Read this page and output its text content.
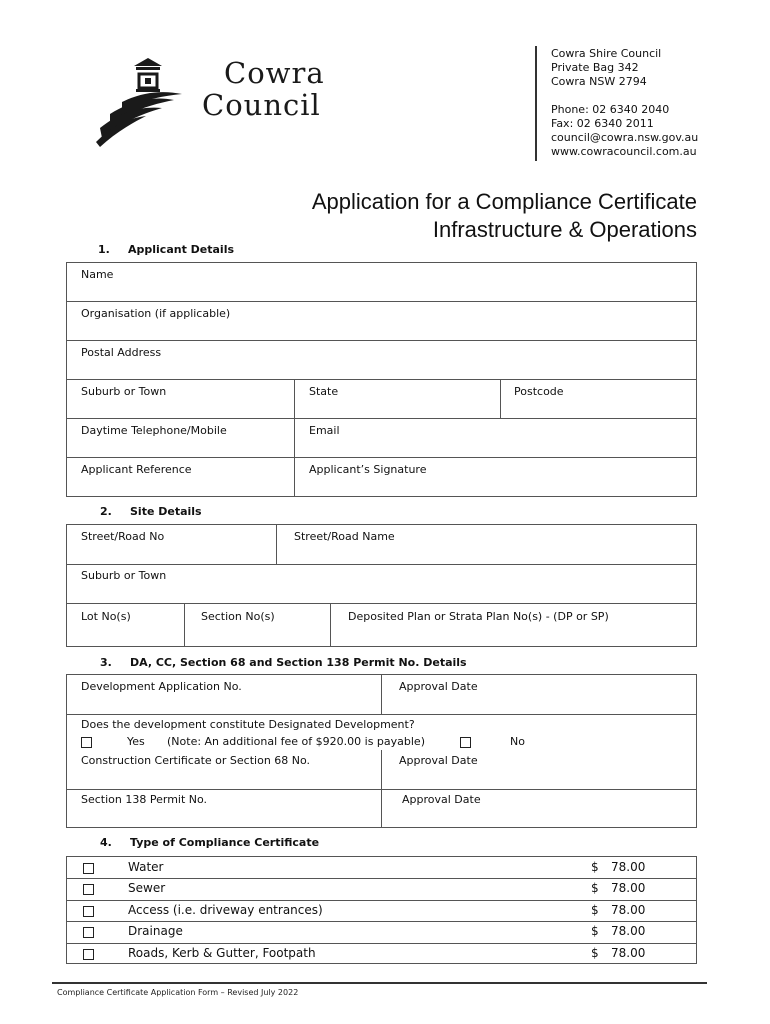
Cowra
Council
Cowra Shire Council
Private Bag 342
Cowra NSW 2794
Phone: 02 6340 2040
Fax: 02 6340 2011
council@cowra.nsw.gov.au
www.cowracouncil.com.au
Application for a Compliance Certificate
Infrastructure & Operations
1. Applicant Details
Name
Organisation (if applicable)
Postal Address
Suburb or Town	State	Postcode
Daytime Telephone/Mobile	Email
Applicant Reference	Applicant’s Signature
2. Site Details
Street/Road No	Street/Road Name
Suburb or Town
Lot No(s)	Section No(s)	Deposited Plan or Strata Plan No(s) - (DP or SP)
3. DA, CC, Section 68 and Section 138 Permit No. Details
Development Application No.	Approval Date
Does the development constitute Designated Development?
Yes (Note: An additional fee of $920.00 is payable)	No
Construction Certificate or Section 68 No.	Approval Date
Section 138 Permit No.	Approval Date
4. Type of Compliance Certificate
Water	$ 78.00
Sewer	$ 78.00
Access (i.e. driveway entrances)	$ 78.00
Drainage	$ 78.00
Roads, Kerb & Gutter, Footpath	$ 78.00
Compliance Certificate Application Form – Revised July 2022
